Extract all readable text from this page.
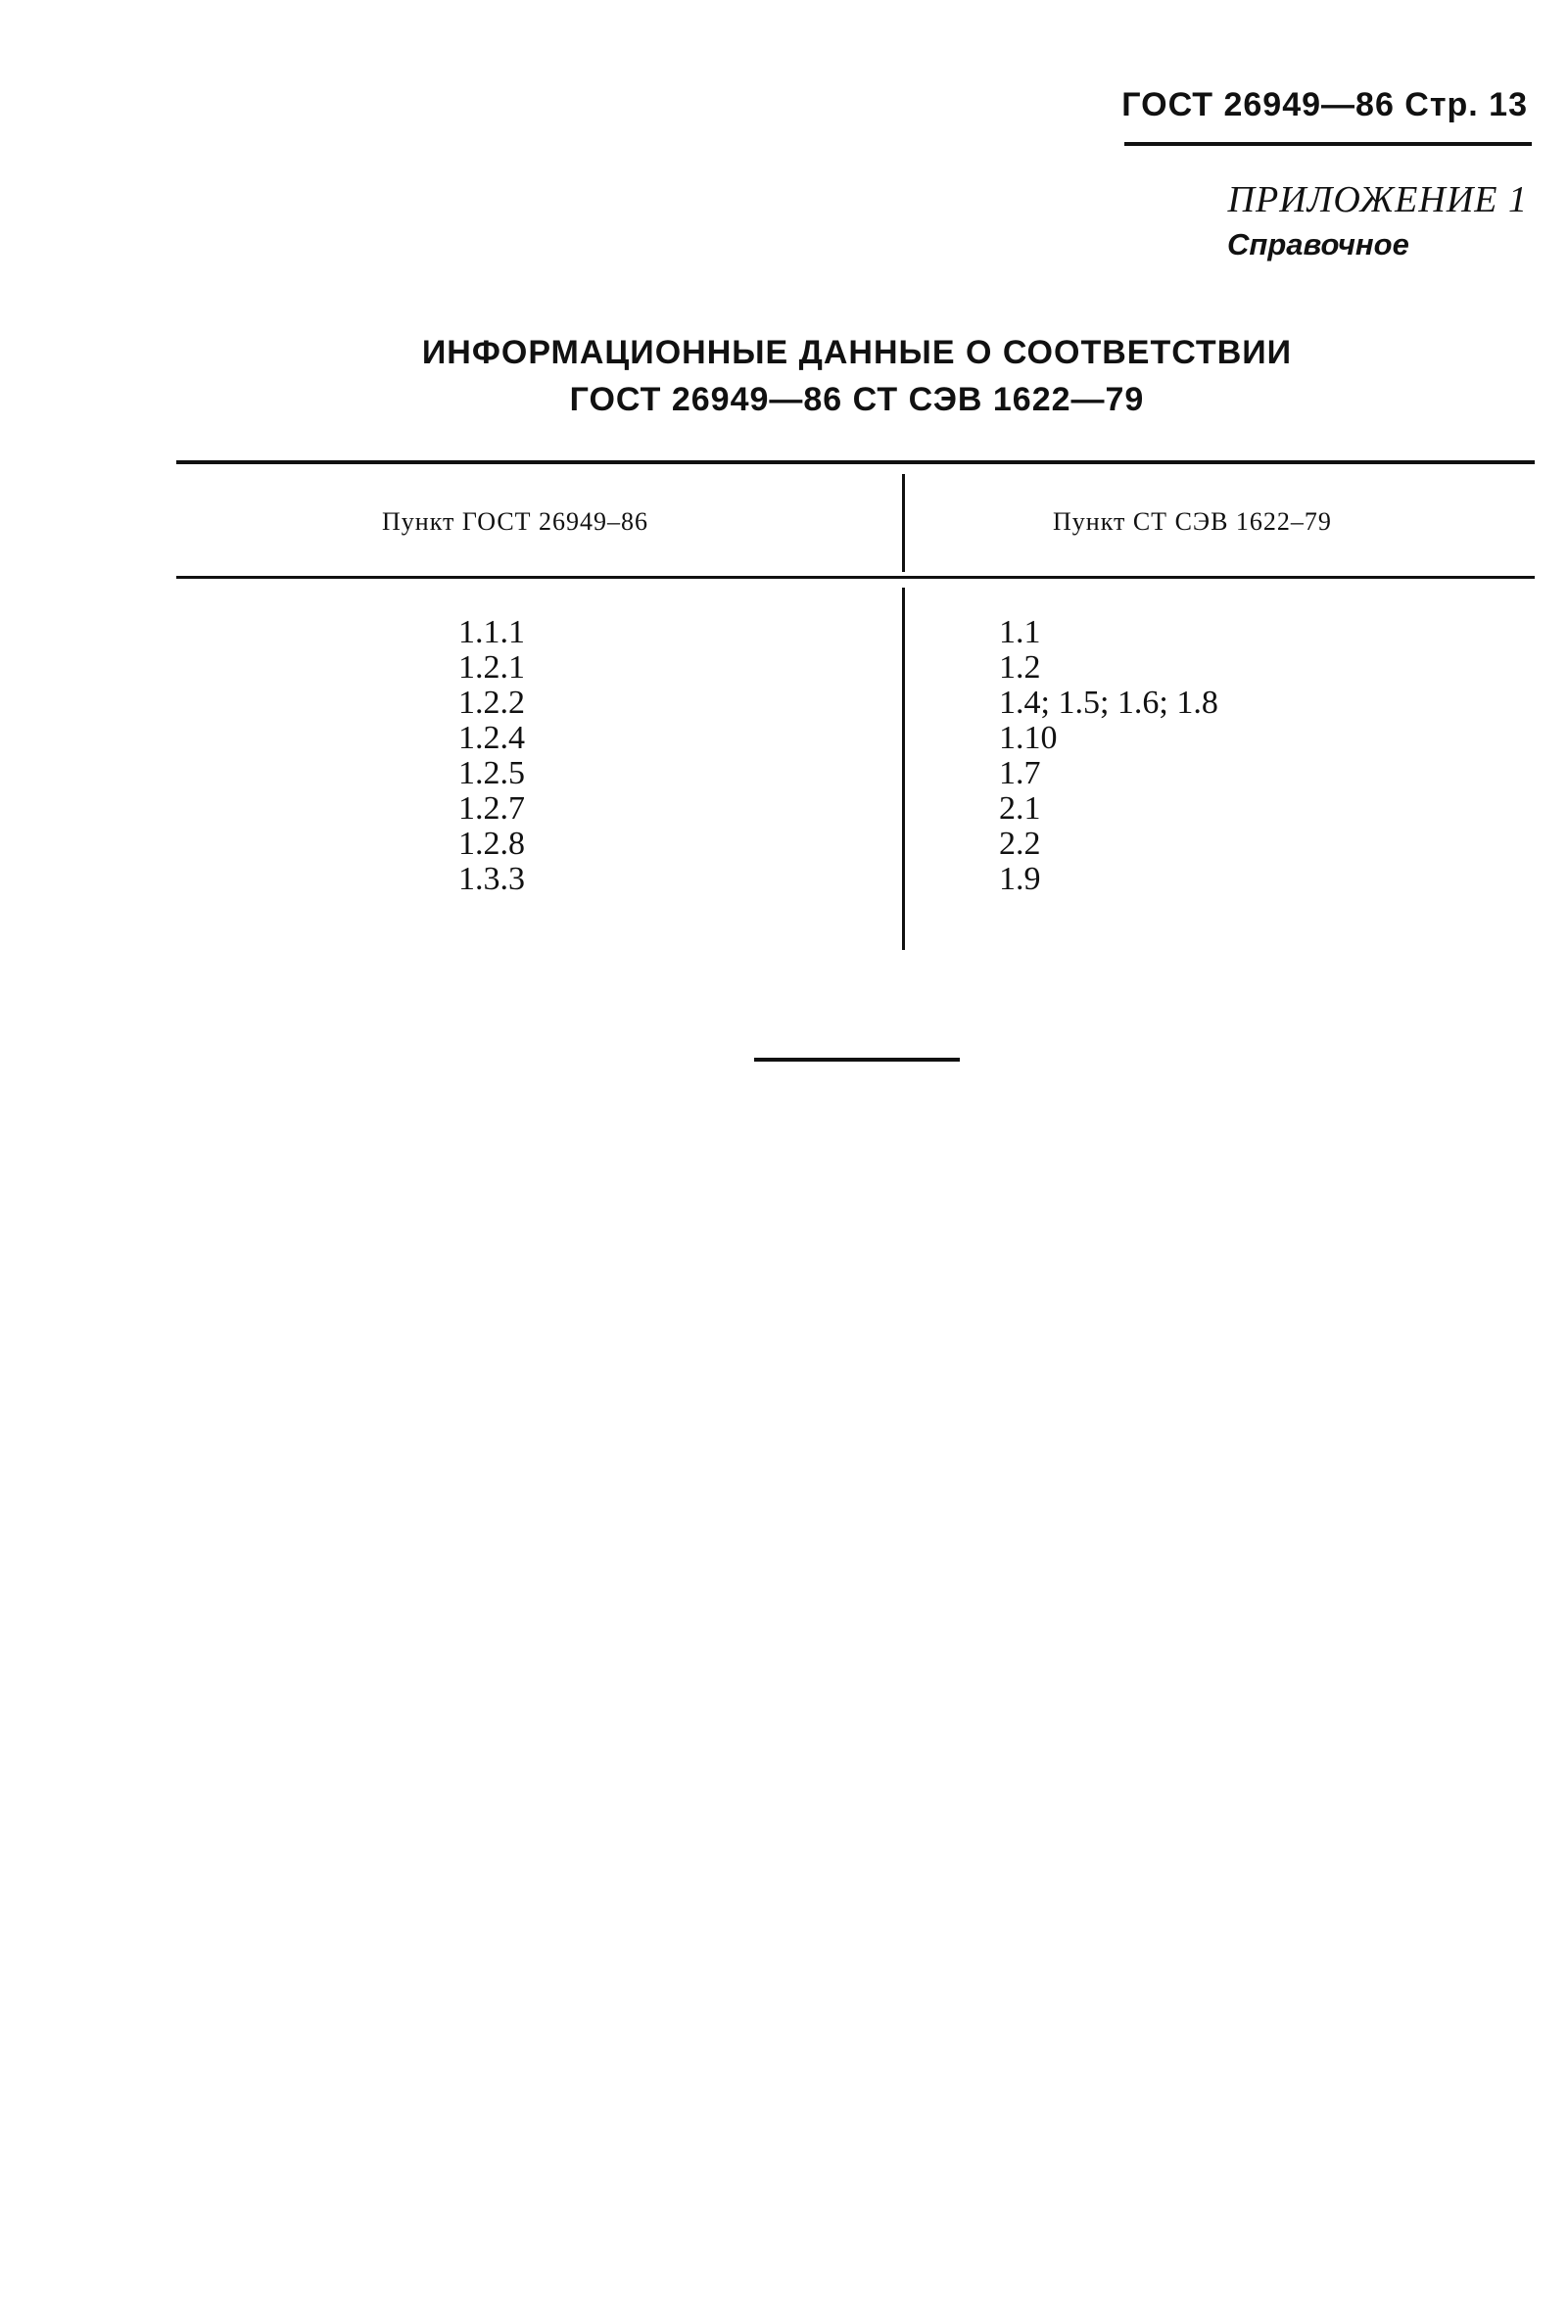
ГОСТ 26949—86 Стр. 13
ПРИЛОЖЕНИЕ 1
Справочное
ИНФОРМАЦИОННЫЕ ДАННЫЕ О СООТВЕТСТВИИ
ГОСТ 26949—86 СТ СЭВ 1622—79
Пункт ГОСТ 26949–86	Пункт СТ СЭВ 1622–79
1.1.1
1.2.1
1.2.2
1.2.4
1.2.5
1.2.7
1.2.8
1.3.3
1.1
1.2
1.4; 1.5; 1.6; 1.8
1.10
1.7
2.1
2.2
1.9
